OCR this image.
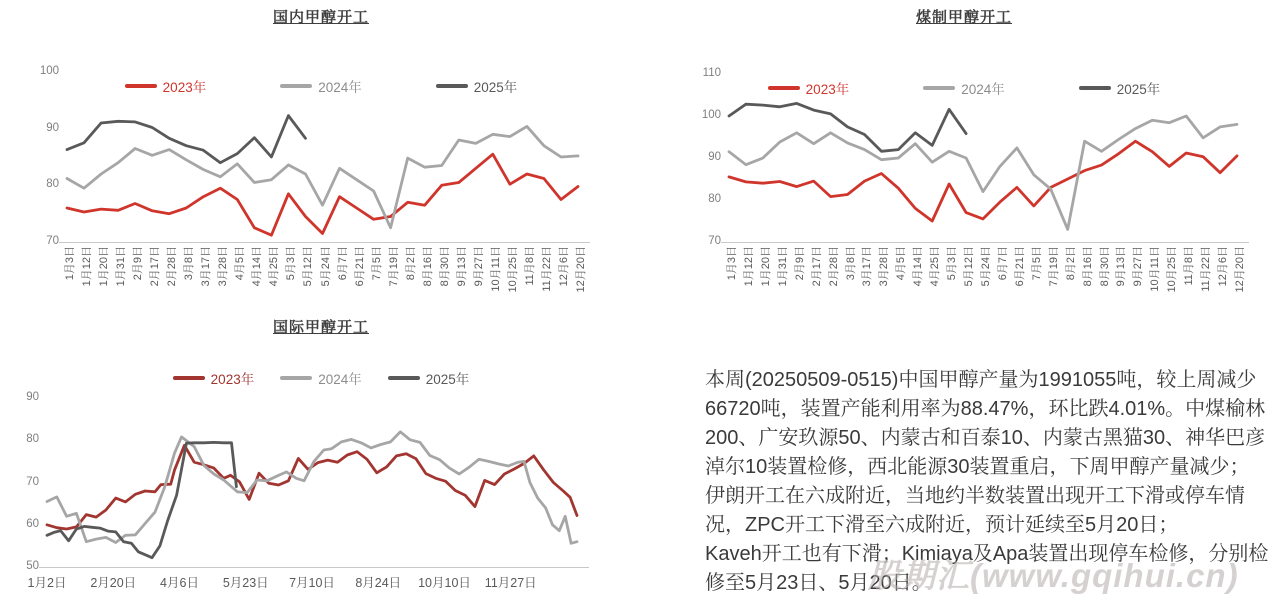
国内甲醇开工
70
80
90
100
1月3日 1月12日 1月20日 1月31日 2月9日 2月17日 2月28日 3月8日 3月17日 3月28日 4月5日 4月14日 4月25日 5月3日 5月12日 5月24日 6月7日 6月21日 7月5日 7月19日 8月2日 8月16日 8月30日 9月13日 9月27日 10月11日 10月25日 11月8日 11月22日 12月6日 12月20日
2023年	2024年	2025年
煤制甲醇开工
70
80
90
100
110
1月3日 1月12日 1月20日 1月31日 2月9日 2月17日 2月28日 3月8日 3月17日 3月28日 4月5日 4月14日 4月25日 5月3日 5月12日 5月24日 6月7日 6月21日 7月5日 7月19日 8月2日 8月16日 8月30日 9月13日 9月27日 10月11日 10月25日 11月8日 11月22日 12月6日 12月20日
2023年	2024年	2025年
国际甲醇开工
50
60
70
80
90
1月2日 2月20日 4月6日 5月23日 7月10日 8月24日 10月10日 11月27日
2023年	2024年	2025年	本周(20250509-0515)中国甲醇产量为1991055吨，较上周减少66720吨，装置产能利用率为88.47%，环比跌4.01%。中煤榆林200、广安玖源50、内蒙古和百泰10、内蒙古黑猫30、神华巴彦淖尔10装置检修，西北能源30装置重启，下周甲醇产量减少；

伊朗开工在六成附近，当地约半数装置出现开工下滑或停车情况，ZPC开工下滑至六成附近，预计延续至5月20日；

Kaveh开工也有下滑；Kimiaya及Apa装置出现停车检修，分别检修至5月23日、5月20日。

股期汇(www.gqihui.cn)
